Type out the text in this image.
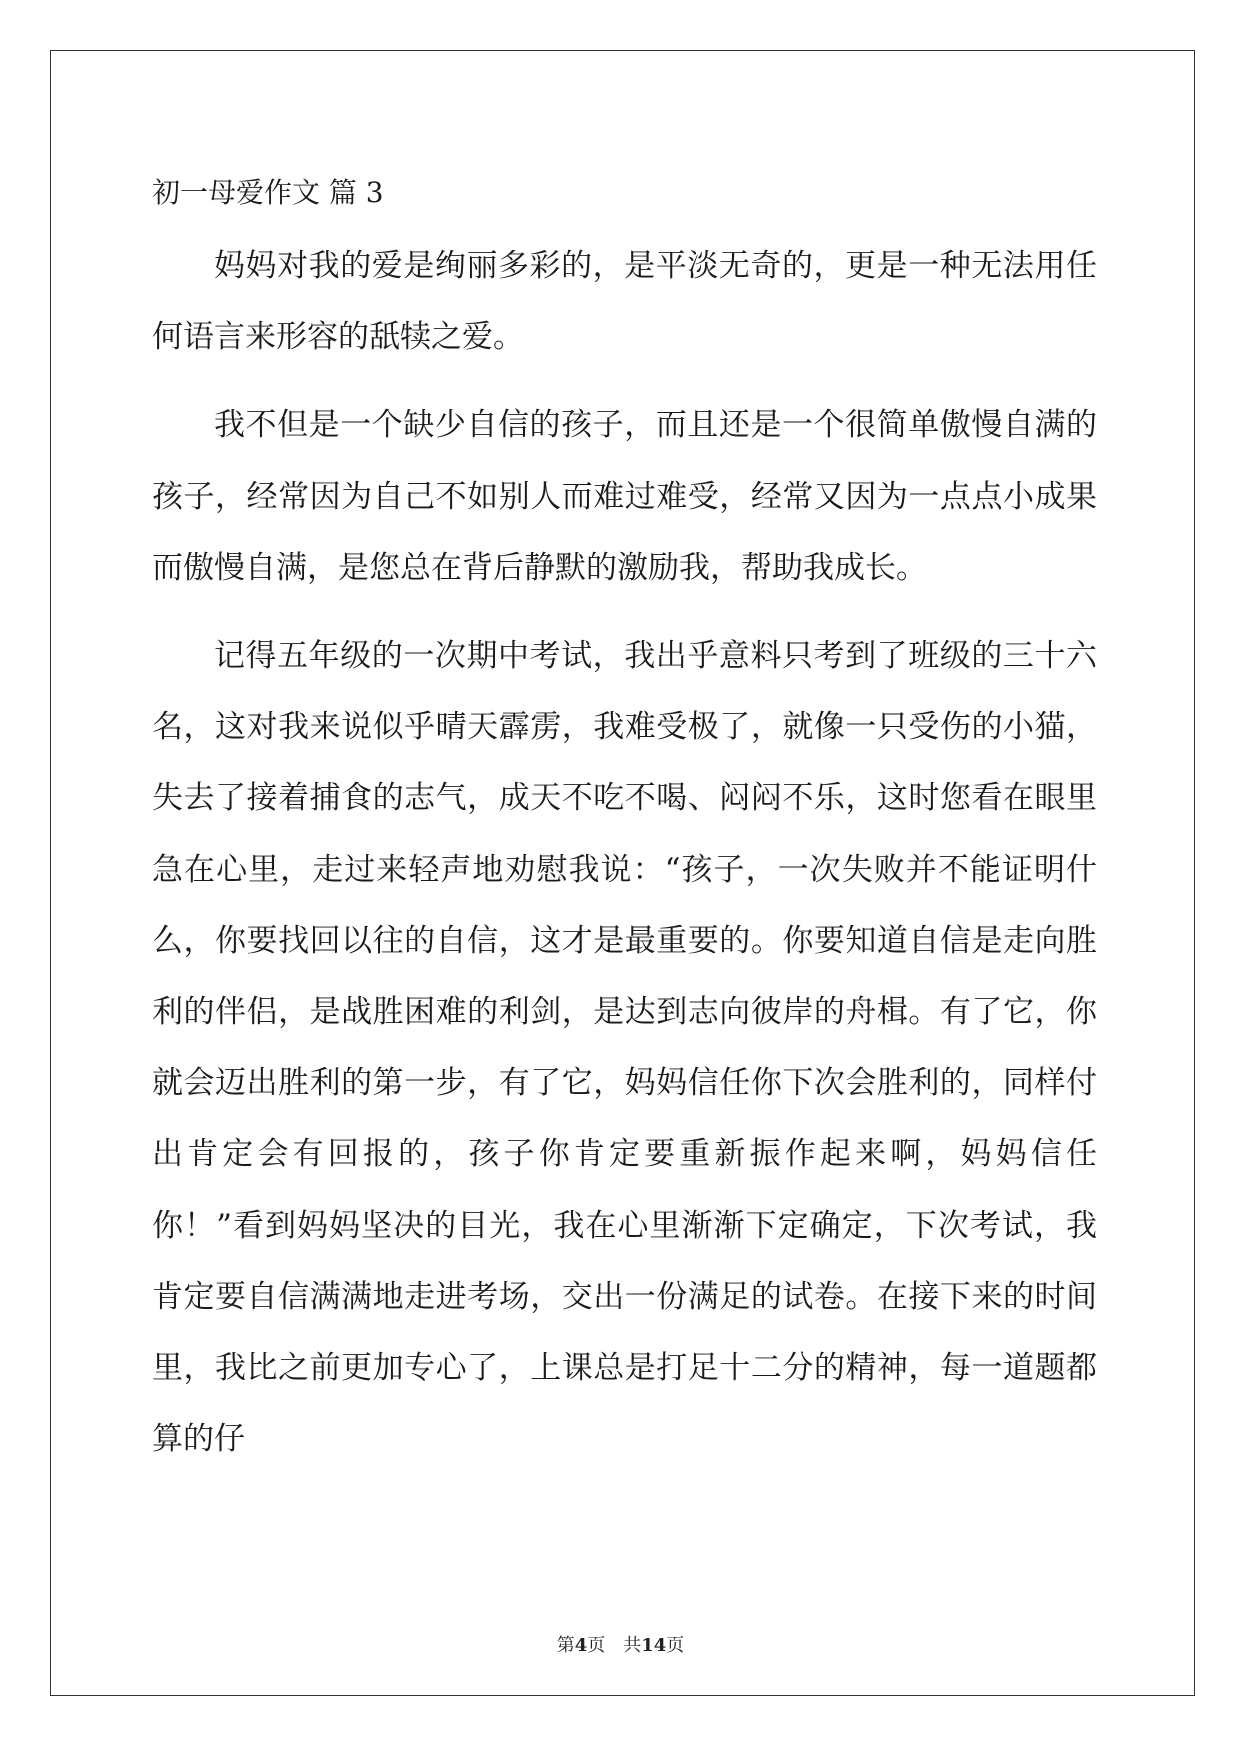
初一母爱作文 篇 3

妈妈对我的爱是绚丽多彩的，是平淡无奇的，更是一种无法用任何语言来形容的舐犊之爱。

我不但是一个缺少自信的孩子，而且还是一个很简单傲慢自满的孩子，经常因为自己不如别人而难过难受，经常又因为一点点小成果而傲慢自满，是您总在背后静默的激励我，帮助我成长。

记得五年级的一次期中考试，我出乎意料只考到了班级的三十六名，这对我来说似乎晴天霹雳，我难受极了，就像一只受伤的小猫，失去了接着捕食的志气，成天不吃不喝、闷闷不乐，这时您看在眼里急在心里，走过来轻声地劝慰我说：“孩子，一次失败并不能证明什么，你要找回以往的自信，这才是最重要的。你要知道自信是走向胜利的伴侣，是战胜困难的利剑，是达到志向彼岸的舟楫。有了它，你就会迈出胜利的第一步，有了它，妈妈信任你下次会胜利的，同样付出肯定会有回报的，孩子你肯定要重新振作起来啊，妈妈信任你！”看到妈妈坚决的目光，我在心里渐渐下定确定，下次考试，我肯定要自信满满地走进考场，交出一份满足的试卷。在接下来的时间里，我比之前更加专心了，上课总是打足十二分的精神，每一道题都算的仔

第4页 共14页
